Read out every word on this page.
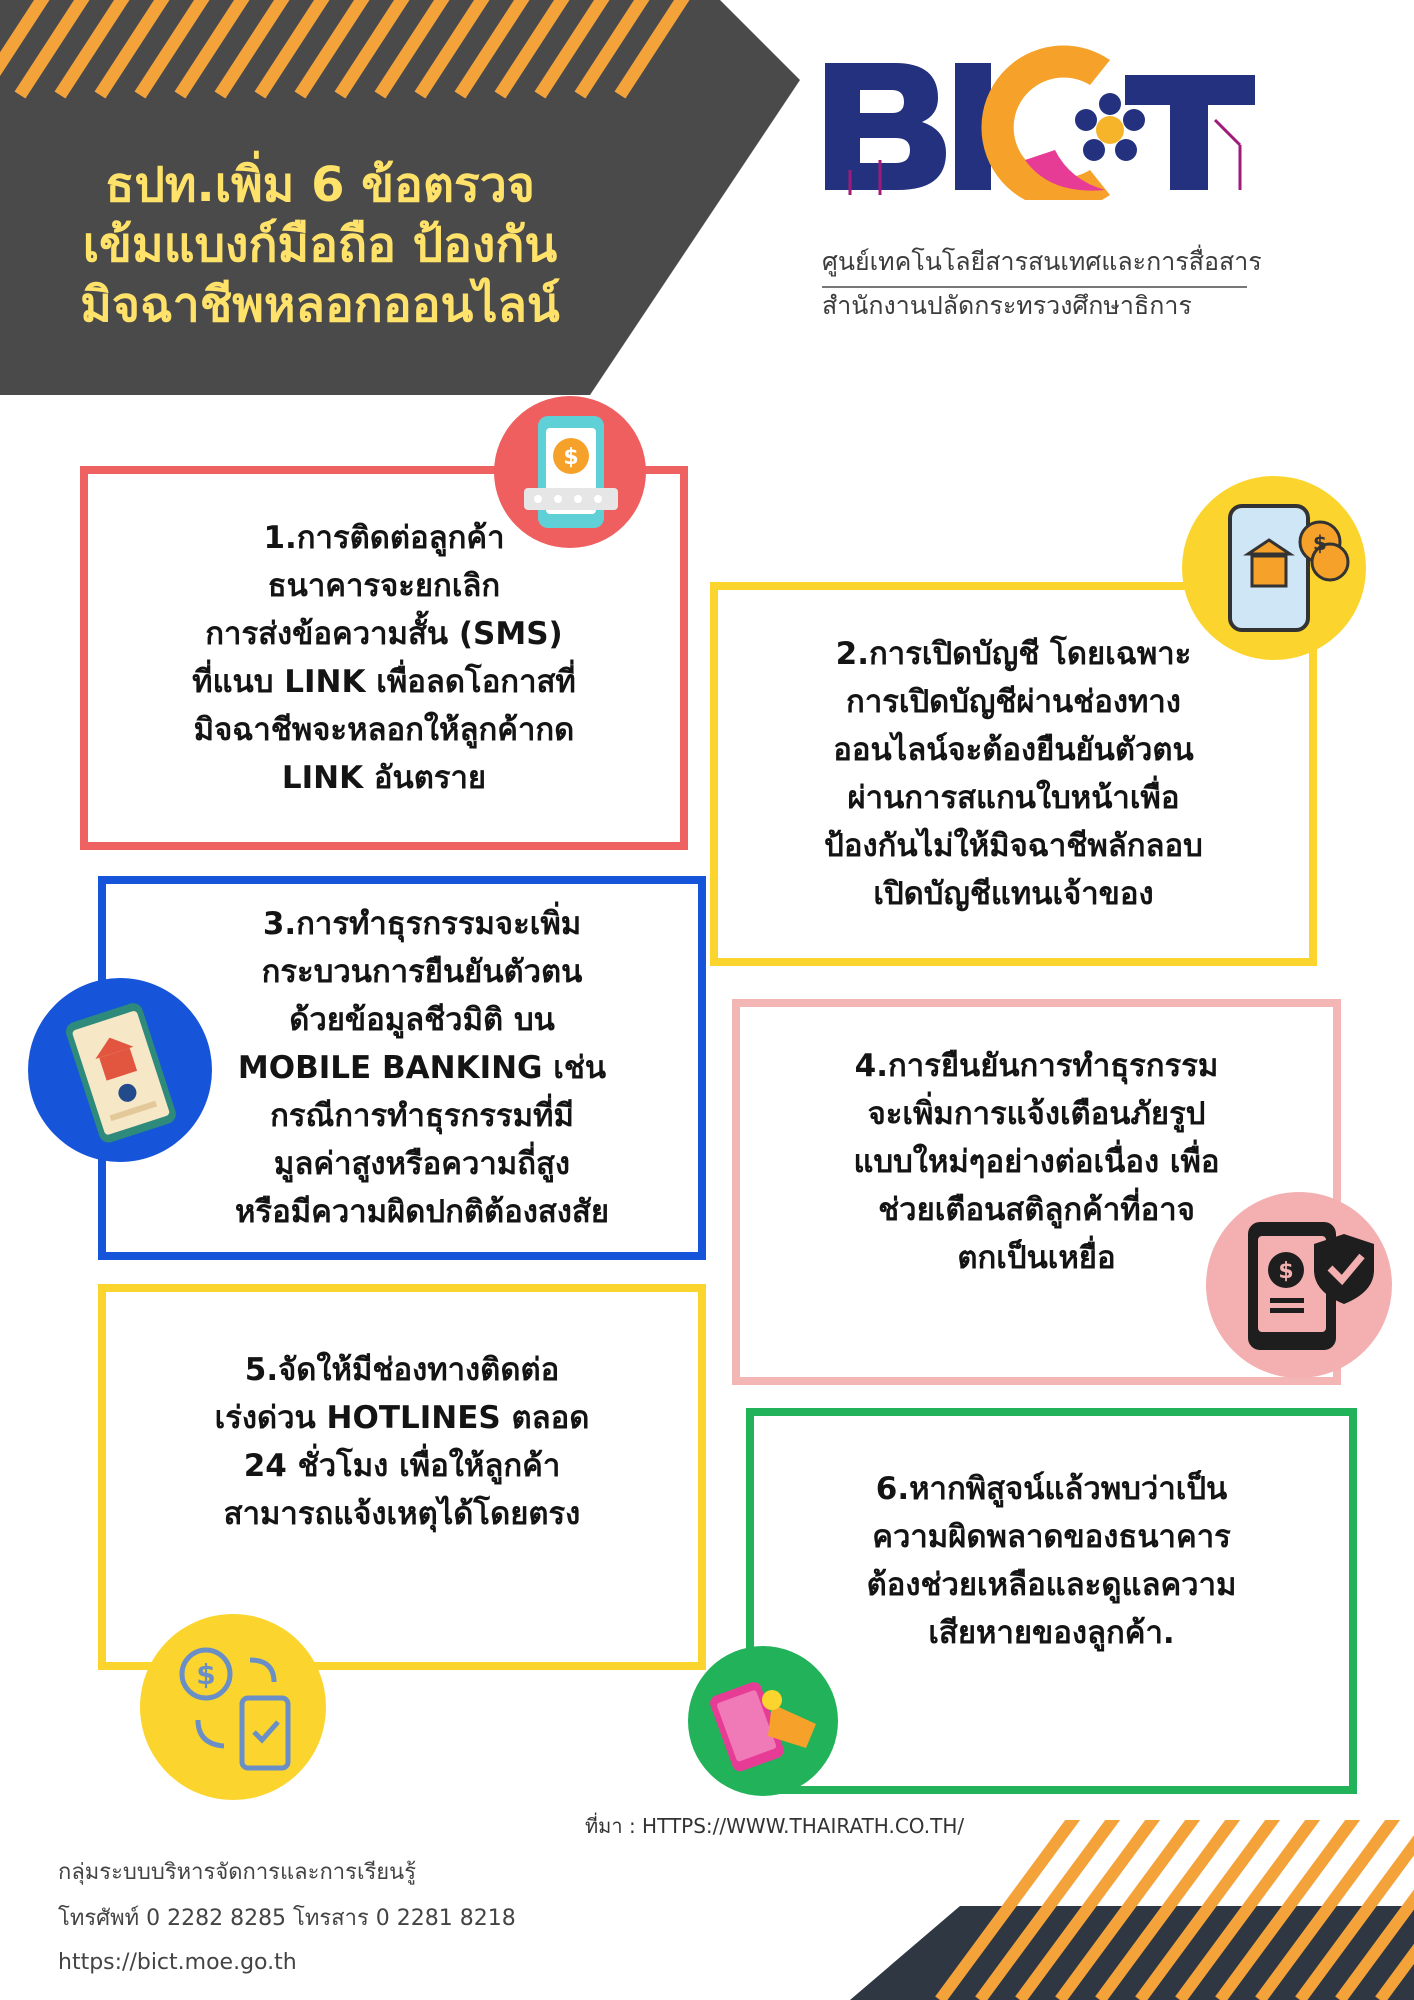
ธปท.เพิ่ม 6 ข้อตรวจ
เข้มแบงก์มือถือ ป้องกัน
มิจฉาชีพหลอกออนไลน์
ศูนย์เทคโนโลยีสารสนเทศและการสื่อสาร
สำนักงานปลัดกระทรวงศึกษาธิการ
1.การติดต่อลูกค้า
ธนาคารจะยกเลิก
การส่งข้อความสั้น (SMS)
ที่แนบ LINK เพื่อลดโอกาสที่
มิจฉาชีพจะหลอกให้ลูกค้ากด
LINK อันตราย
$
2.การเปิดบัญชี โดยเฉพาะ
การเปิดบัญชีผ่านช่องทาง
ออนไลน์จะต้องยืนยันตัวตน
ผ่านการสแกนใบหน้าเพื่อ
ป้องกันไม่ให้มิจฉาชีพลักลอบ
เปิดบัญชีแทนเจ้าของ
$
3.การทำธุรกรรมจะเพิ่ม
กระบวนการยืนยันตัวตน
ด้วยข้อมูลชีวมิติ บน
MOBILE BANKING เช่น
กรณีการทำธุรกรรมที่มี
มูลค่าสูงหรือความถี่สูง
หรือมีความผิดปกติต้องสงสัย
4.การยืนยันการทำธุรกรรม
จะเพิ่มการแจ้งเตือนภัยรูป
แบบใหม่ๆอย่างต่อเนื่อง เพื่อ
ช่วยเตือนสติลูกค้าที่อาจ
ตกเป็นเหยื่อ	$
5.จัดให้มีช่องทางติดต่อ
เร่งด่วน HOTLINES ตลอด
24 ชั่วโมง เพื่อให้ลูกค้า
สามารถแจ้งเหตุได้โดยตรง
$
6.หากพิสูจน์แล้วพบว่าเป็น
ความผิดพลาดของธนาคาร
ต้องช่วยเหลือและดูแลความ
เสียหายของลูกค้า.
ที่มา : HTTPS://WWW.THAIRATH.CO.TH/
กลุ่มระบบบริหารจัดการและการเรียนรู้
โทรศัพท์ 0 2282 8285 โทรสาร 0 2281 8218
https://bict.moe.go.th
